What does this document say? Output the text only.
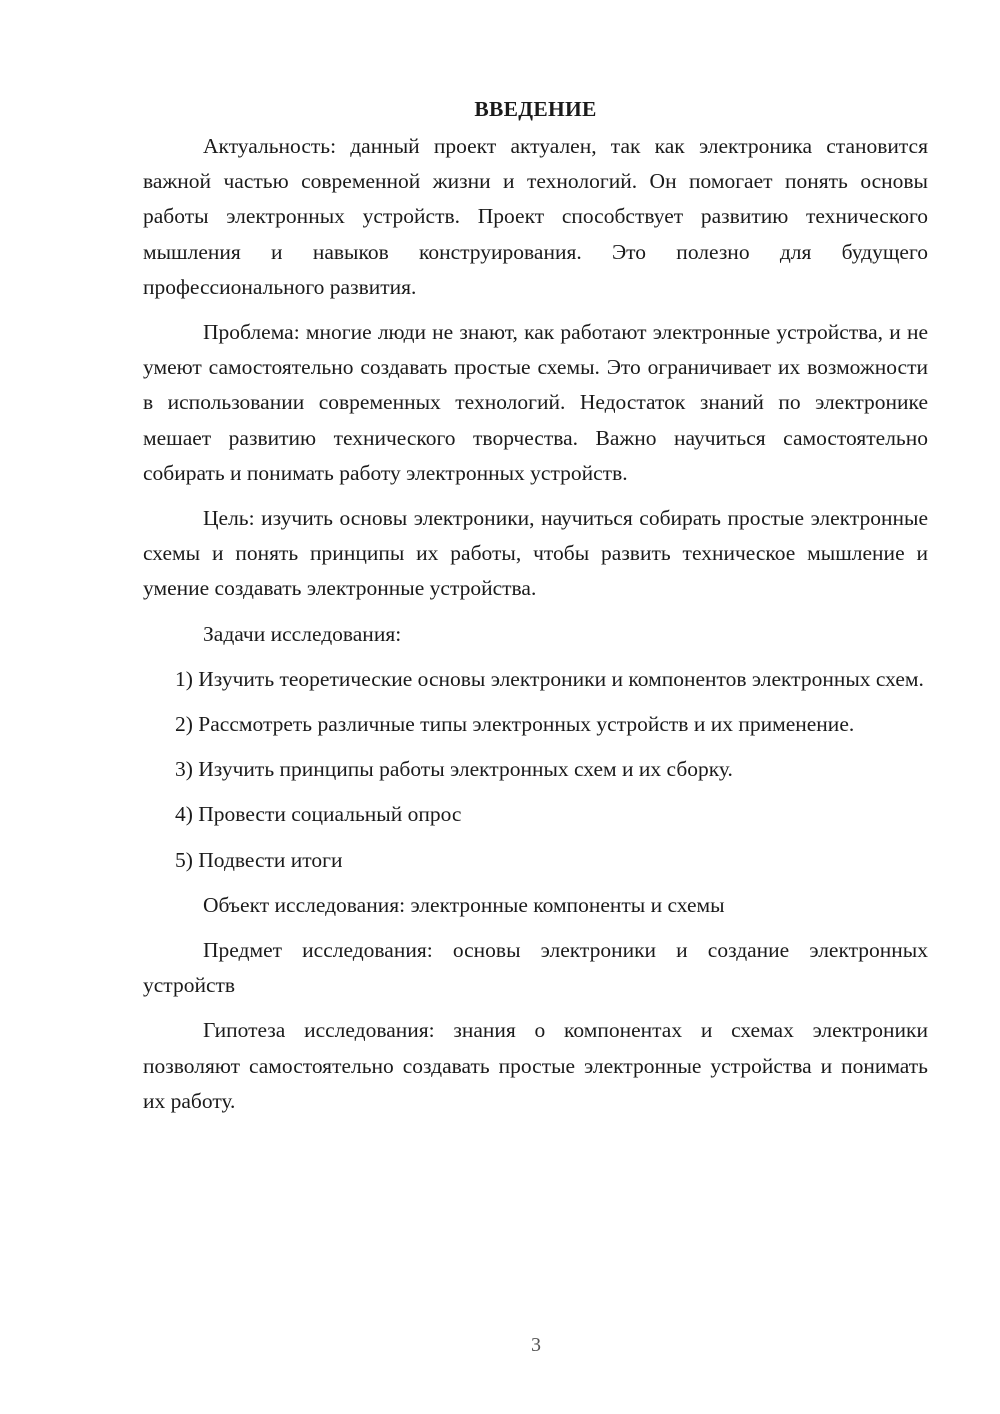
ВВЕДЕНИЕ

Актуальность: данный проект актуален, так как электроника становится важной частью современной жизни и технологий. Он помогает понять основы работы электронных устройств. Проект способствует развитию технического мышления и навыков конструирования. Это полезно для будущего профессионального развития.

Проблема: многие люди не знают, как работают электронные устройства, и не умеют самостоятельно создавать простые схемы. Это ограничивает их возможности в использовании современных технологий. Недостаток знаний по электронике мешает развитию технического творчества. Важно научиться самостоятельно собирать и понимать работу электронных устройств.

Цель: изучить основы электроники, научиться собирать простые электронные схемы и понять принципы их работы, чтобы развить техническое мышление и умение создавать электронные устройства.

Задачи исследования:

1) Изучить теоретические основы электроники и компонентов электронных схем.

2) Рассмотреть различные типы электронных устройств и их применение.

3) Изучить принципы работы электронных схем и их сборку.

4) Провести социальный опрос

5) Подвести итоги

Объект исследования: электронные компоненты и схемы

Предмет исследования: основы электроники и создание электронных устройств

Гипотеза исследования: знания о компонентах и схемах электроники позволяют самостоятельно создавать простые электронные устройства и понимать их работу.

3
